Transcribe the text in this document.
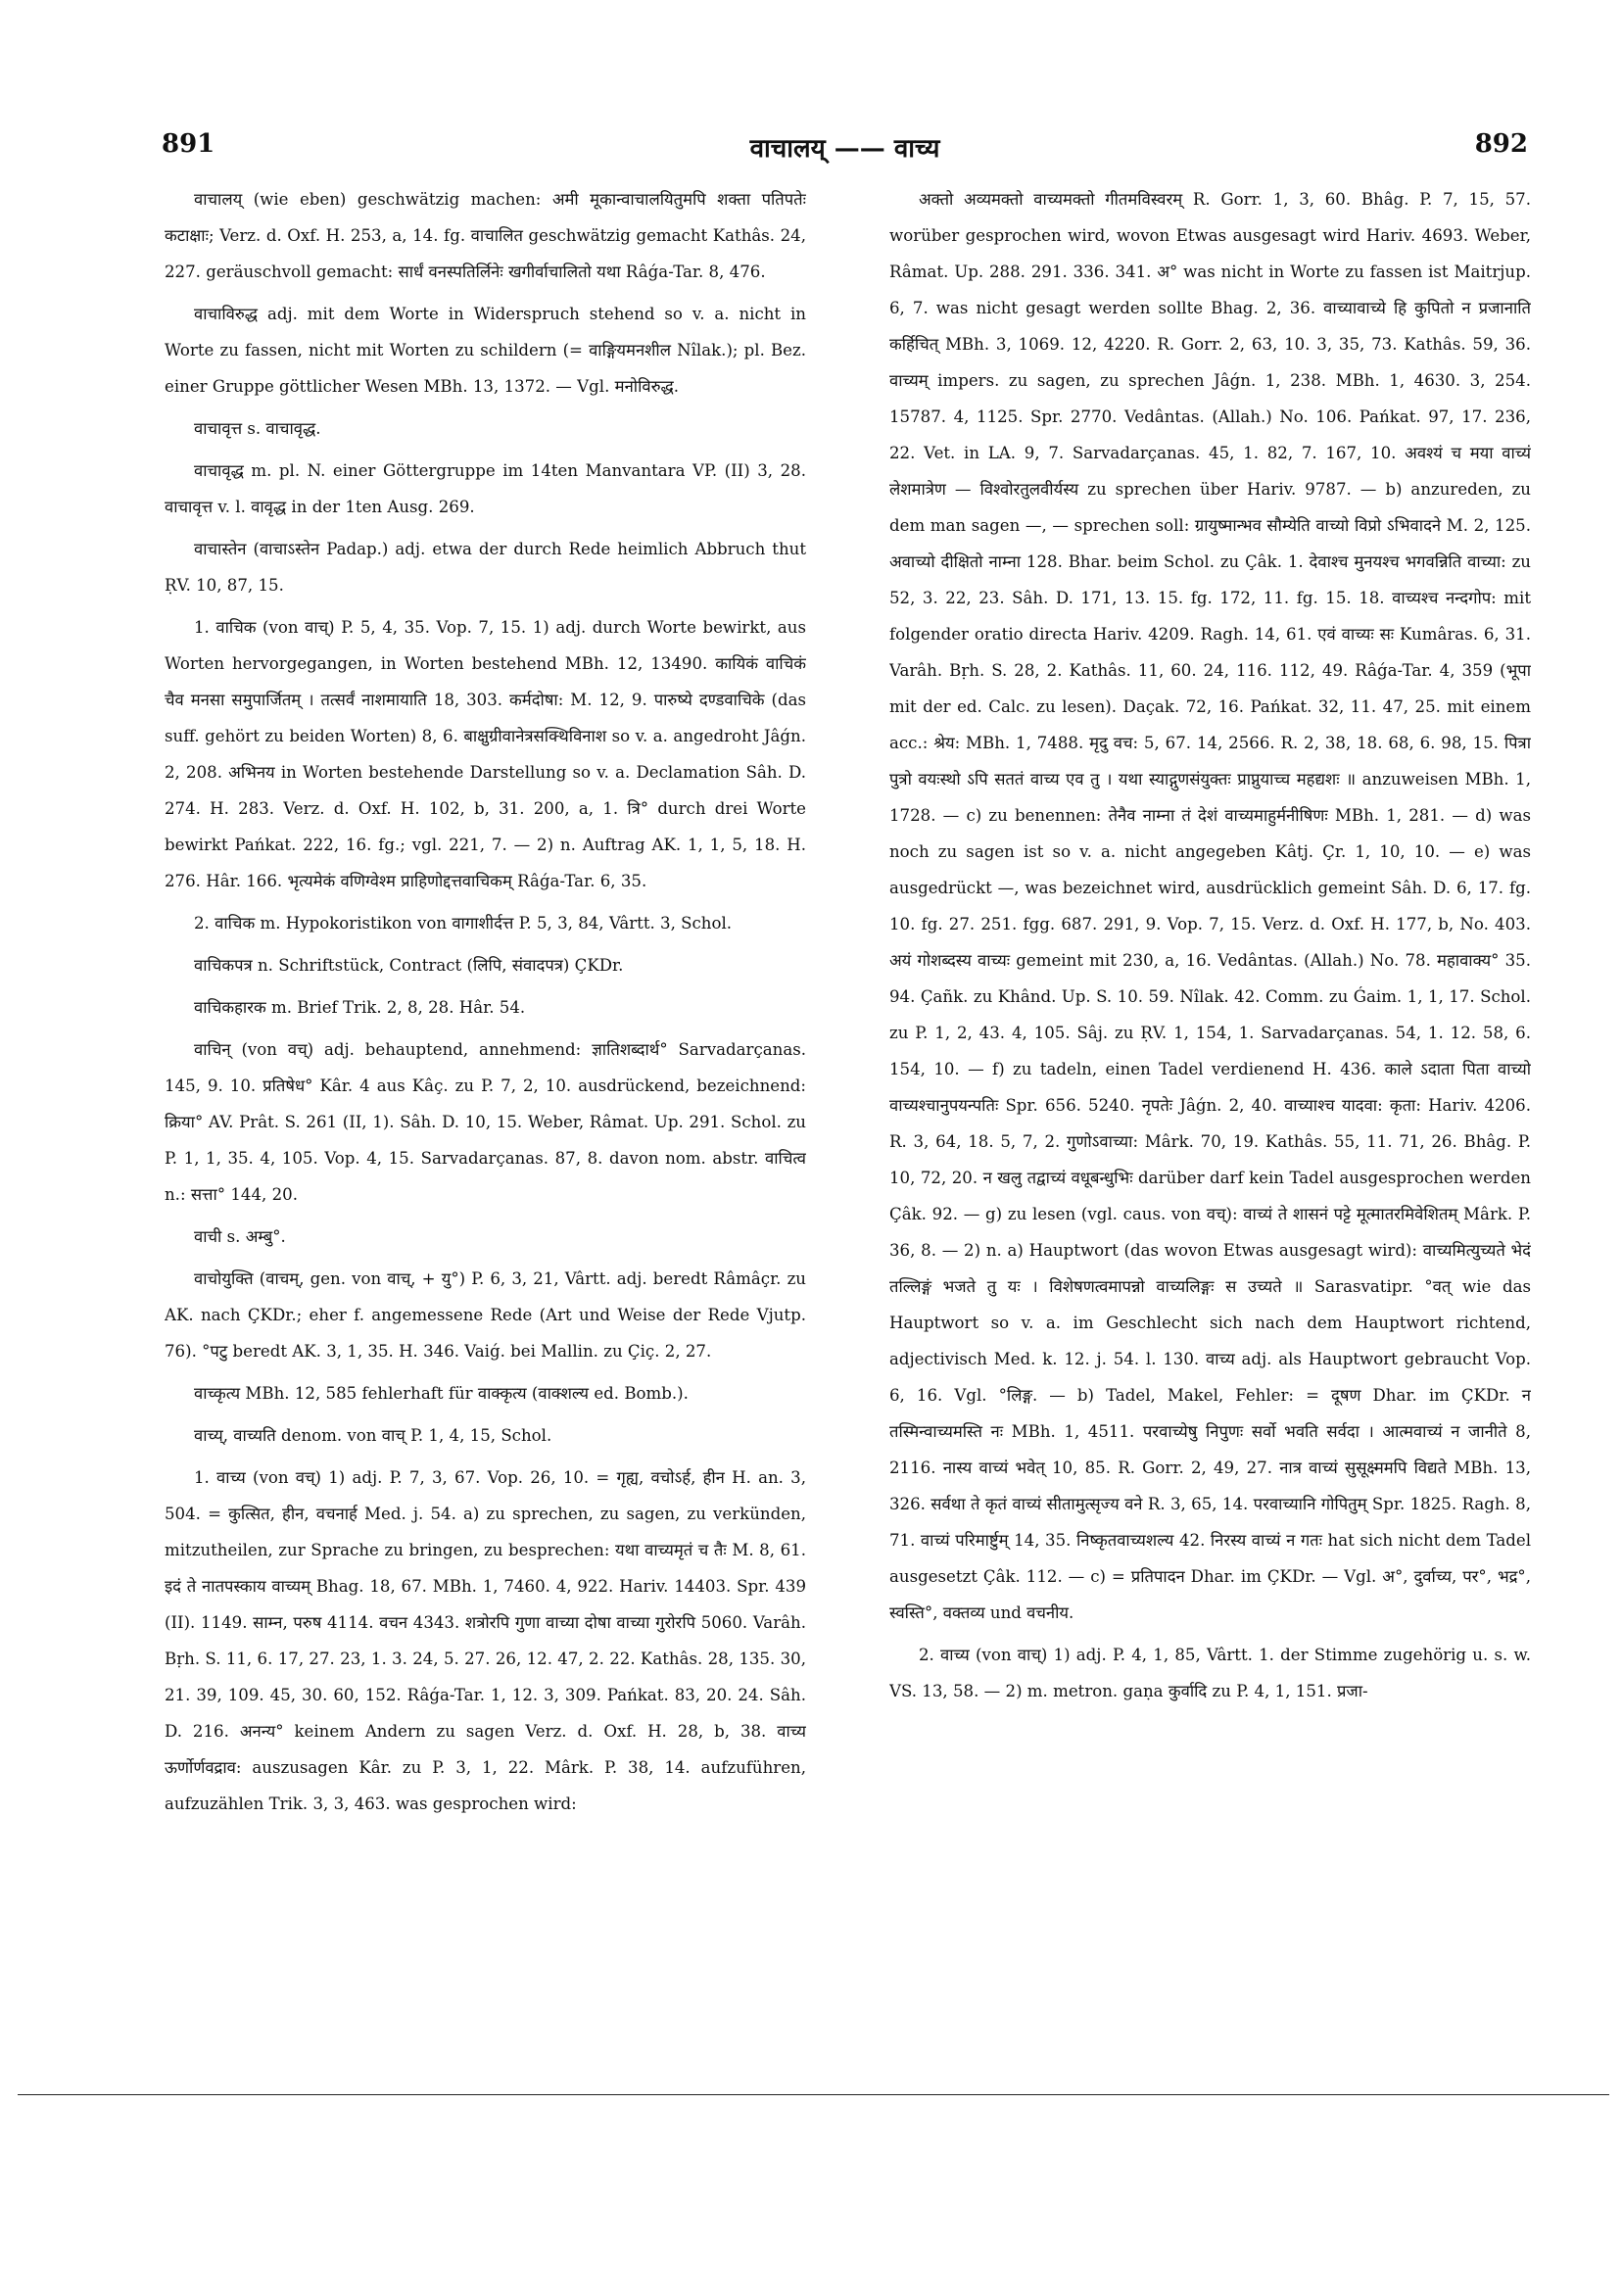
891	वाचालय् —— वाच्य	892

वाचालय् (wie eben) geschwätzig machen: अमी मूकान्वाचालयितुमपि शक्ता पतिपतेः कटाक्षाः; Verz. d. Oxf. H. 253, a, 14. fg. वाचालित geschwätzig gemacht Kathâs. 24, 227. geräuschvoll gemacht: सार्धं वनस्पतिर्लिनेः खगीर्वाचालितो यथा Râǵa-Tar. 8, 476.

वाचाविरुद्ध adj. mit dem Worte in Widerspruch stehend so v. a. nicht in Worte zu fassen, nicht mit Worten zu schildern (= वाङ्गियमनशील Nîlak.); pl. Bez. einer Gruppe göttlicher Wesen MBh. 13, 1372. — Vgl. मनोविरुद्ध.

वाचावृत्त s. वाचावृद्ध.

वाचावृद्ध m. pl. N. einer Göttergruppe im 14ten Manvantara VP. (II) 3, 28. वाचावृत्त v. l. वावृद्ध in der 1ten Ausg. 269.

वाचास्तेन (वाचाऽस्तेन Padap.) adj. etwa der durch Rede heimlich Abbruch thut ṚV. 10, 87, 15.

1. वाचिक (von वाच्) P. 5, 4, 35. Vop. 7, 15. 1) adj. durch Worte bewirkt, aus Worten hervorgegangen, in Worten bestehend MBh. 12, 13490. कायिकं वाचिकं चैव मनसा समुपार्जितम् । तत्सर्वं नाशमायाति 18, 303. कर्मदोषा: M. 12, 9. पारुष्ये दण्डवाचिके (das suff. gehört zu beiden Worten) 8, 6. बाक्षुग्रीवानेत्रसक्थिविनाश so v. a. angedroht Jâǵn. 2, 208. अभिनय in Worten bestehende Darstellung so v. a. Declamation Sâh. D. 274. H. 283. Verz. d. Oxf. H. 102, b, 31. 200, a, 1. त्रि° durch drei Worte bewirkt Pańkat. 222, 16. fg.; vgl. 221, 7. — 2) n. Auftrag AK. 1, 1, 5, 18. H. 276. Hâr. 166. भृत्यमेकं वणिग्वेश्म प्राहिणोद्दत्तवाचिकम् Râǵa-Tar. 6, 35.

2. वाचिक m. Hypokoristikon von वागाशीर्दत्त P. 5, 3, 84, Vârtt. 3, Schol.

वाचिकपत्र n. Schriftstück, Contract (लिपि, संवादपत्र) ÇKDr.

वाचिकहारक m. Brief Trik. 2, 8, 28. Hâr. 54.

वाचिन् (von वच्) adj. behauptend, annehmend: ज्ञातिशब्दार्थ° Sarvadarçanas. 145, 9. 10. प्रतिषेध° Kâr. 4 aus Kâç. zu P. 7, 2, 10. ausdrückend, bezeichnend: क्रिया° AV. Prât. S. 261 (II, 1). Sâh. D. 10, 15. Weber, Râmat. Up. 291. Schol. zu P. 1, 1, 35. 4, 105. Vop. 4, 15. Sarvadarçanas. 87, 8. davon nom. abstr. वाचित्व n.: सत्ता° 144, 20.

वाची s. अम्बु°.

वाचोयुक्ति (वाचम्, gen. von वाच्, + यु°) P. 6, 3, 21, Vârtt. adj. beredt Râmâçr. zu AK. nach ÇKDr.; eher f. angemessene Rede (Art und Weise der Rede Vjutp. 76). °पटु beredt AK. 3, 1, 35. H. 346. Vaiǵ. bei Mallin. zu Çiç. 2, 27.

वाच्कृत्य MBh. 12, 585 fehlerhaft für वाक्कृत्य (वाक्शल्य ed. Bomb.).

वाच्य्, वाच्यति denom. von वाच् P. 1, 4, 15, Schol.

1. वाच्य (von वच्) 1) adj. P. 7, 3, 67. Vop. 26, 10. = गृह्य, वचोऽर्ह, हीन H. an. 3, 504. = कुत्सित, हीन, वचनार्ह Med. j. 54. a) zu sprechen, zu sagen, zu verkünden, mitzutheilen, zur Sprache zu bringen, zu besprechen: यथा वाच्यमृतं च तैः M. 8, 61. इदं ते नातपस्काय वाच्यम् Bhag. 18, 67. MBh. 1, 7460. 4, 922. Hariv. 14403. Spr. 439 (II). 1149. साम्न, परुष 4114. वचन 4343. शत्रोरपि गुणा वाच्या दोषा वाच्या गुरोरपि 5060. Varâh. Bṛh. S. 11, 6. 17, 27. 23, 1. 3. 24, 5. 27. 26, 12. 47, 2. 22. Kathâs. 28, 135. 30, 21. 39, 109. 45, 30. 60, 152. Râǵa-Tar. 1, 12. 3, 309. Pańkat. 83, 20. 24. Sâh. D. 216. अनन्य° keinem Andern zu sagen Verz. d. Oxf. H. 28, b, 38. वाच्य ऊर्णोर्णवद्राव: auszusagen Kâr. zu P. 3, 1, 22. Mârk. P. 38, 14. aufzuführen, aufzuzählen Trik. 3, 3, 463. was gesprochen wird:

अक्तो अव्यमक्तो वाच्यमक्तो गीतमविस्वरम् R. Gorr. 1, 3, 60. Bhâg. P. 7, 15, 57. worüber gesprochen wird, wovon Etwas ausgesagt wird Hariv. 4693. Weber, Râmat. Up. 288. 291. 336. 341. अ° was nicht in Worte zu fassen ist Maitrjup. 6, 7. was nicht gesagt werden sollte Bhag. 2, 36. वाच्यावाच्ये हि कुपितो न प्रजानाति कर्हिचित् MBh. 3, 1069. 12, 4220. R. Gorr. 2, 63, 10. 3, 35, 73. Kathâs. 59, 36. वाच्यम् impers. zu sagen, zu sprechen Jâǵn. 1, 238. MBh. 1, 4630. 3, 254. 15787. 4, 1125. Spr. 2770. Vedântas. (Allah.) No. 106. Pańkat. 97, 17. 236, 22. Vet. in LA. 9, 7. Sarvadarçanas. 45, 1. 82, 7. 167, 10. अवश्यं च मया वाच्यं लेशमात्रेण — विश्वोरतुलवीर्यस्य zu sprechen über Hariv. 9787. — b) anzureden, zu dem man sagen —, — sprechen soll: ग्रायुष्मान्भव सौम्येति वाच्यो विप्रो ऽभिवादने M. 2, 125. अवाच्यो दीक्षितो नाम्ना 128. Bhar. beim Schol. zu Çâk. 1. देवाश्च मुनयश्च भगवन्निति वाच्या: zu 52, 3. 22, 23. Sâh. D. 171, 13. 15. fg. 172, 11. fg. 15. 18. वाच्यश्च नन्दगोप: mit folgender oratio directa Hariv. 4209. Ragh. 14, 61. एवं वाच्यः सः Kumâras. 6, 31. Varâh. Bṛh. S. 28, 2. Kathâs. 11, 60. 24, 116. 112, 49. Râǵa-Tar. 4, 359 (भूपा mit der ed. Calc. zu lesen). Daçak. 72, 16. Pańkat. 32, 11. 47, 25. mit einem acc.: श्रेय: MBh. 1, 7488. मृदु वच: 5, 67. 14, 2566. R. 2, 38, 18. 68, 6. 98, 15. पित्रा पुत्रो वयःस्थो ऽपि सततं वाच्य एव तु । यथा स्याद्गुणसंयुक्तः प्राप्नुयाच्च महद्यशः ॥ anzuweisen MBh. 1, 1728. — c) zu benennen: तेनैव नाम्ना तं देशं वाच्यमाहुर्मनीषिणः MBh. 1, 281. — d) was noch zu sagen ist so v. a. nicht angegeben Kâtj. Çr. 1, 10, 10. — e) was ausgedrückt —, was bezeichnet wird, ausdrücklich gemeint Sâh. D. 6, 17. fg. 10. fg. 27. 251. fgg. 687. 291, 9. Vop. 7, 15. Verz. d. Oxf. H. 177, b, No. 403. अयं गोशब्दस्य वाच्यः gemeint mit 230, a, 16. Vedântas. (Allah.) No. 78. महावाक्य° 35. 94. Çañk. zu Khând. Up. S. 10. 59. Nîlak. 42. Comm. zu Ǵaim. 1, 1, 17. Schol. zu P. 1, 2, 43. 4, 105. Sâj. zu ṚV. 1, 154, 1. Sarvadarçanas. 54, 1. 12. 58, 6. 154, 10. — f) zu tadeln, einen Tadel verdienend H. 436. काले ऽदाता पिता वाच्यो वाच्यश्चानुपयन्पतिः Spr. 656. 5240. नृपतेः Jâǵn. 2, 40. वाच्याश्च यादवा: कृता: Hariv. 4206. R. 3, 64, 18. 5, 7, 2. गुणोऽवाच्या: Mârk. 70, 19. Kathâs. 55, 11. 71, 26. Bhâg. P. 10, 72, 20. न खलु तद्वाच्यं वधूबन्धुभिः darüber darf kein Tadel ausgesprochen werden Çâk. 92. — g) zu lesen (vgl. caus. von वच्): वाच्यं ते शासनं पट्टे मूत्मातरमिवेशितम् Mârk. P. 36, 8. — 2) n. a) Hauptwort (das wovon Etwas ausgesagt wird): वाच्यमित्युच्यते भेदं तल्लिङ्गं भजते तु यः । विशेषणत्वमापन्नो वाच्यलिङ्गः स उच्यते ॥ Sarasvatipr. °वत् wie das Hauptwort so v. a. im Geschlecht sich nach dem Hauptwort richtend, adjectivisch Med. k. 12. j. 54. l. 130. वाच्य adj. als Hauptwort gebraucht Vop. 6, 16. Vgl. °लिङ्ग. — b) Tadel, Makel, Fehler: = दूषण Dhar. im ÇKDr. न तस्मिन्वाच्यमस्ति नः MBh. 1, 4511. परवाच्येषु निपुणः सर्वो भवति सर्वदा । आत्मवाच्यं न जानीते 8, 2116. नास्य वाच्यं भवेत् 10, 85. R. Gorr. 2, 49, 27. नात्र वाच्यं सुसूक्ष्ममपि विद्यते MBh. 13, 326. सर्वथा ते कृतं वाच्यं सीतामुत्सृज्य वने R. 3, 65, 14. परवाच्यानि गोपितुम् Spr. 1825. Ragh. 8, 71. वाच्यं परिमार्ष्टुम् 14, 35. निष्कृतवाच्यशल्य 42. निरस्य वाच्यं न गतः hat sich nicht dem Tadel ausgesetzt Çâk. 112. — c) = प्रतिपादन Dhar. im ÇKDr. — Vgl. अ°, दुर्वाच्य, पर°, भद्र°, स्वस्ति°, वक्तव्य und वचनीय.

2. वाच्य (von वाच्) 1) adj. P. 4, 1, 85, Vârtt. 1. der Stimme zugehörig u. s. w. VS. 13, 58. — 2) m. metron. gaṇa कुर्वादि zu P. 4, 1, 151. प्रजा-
